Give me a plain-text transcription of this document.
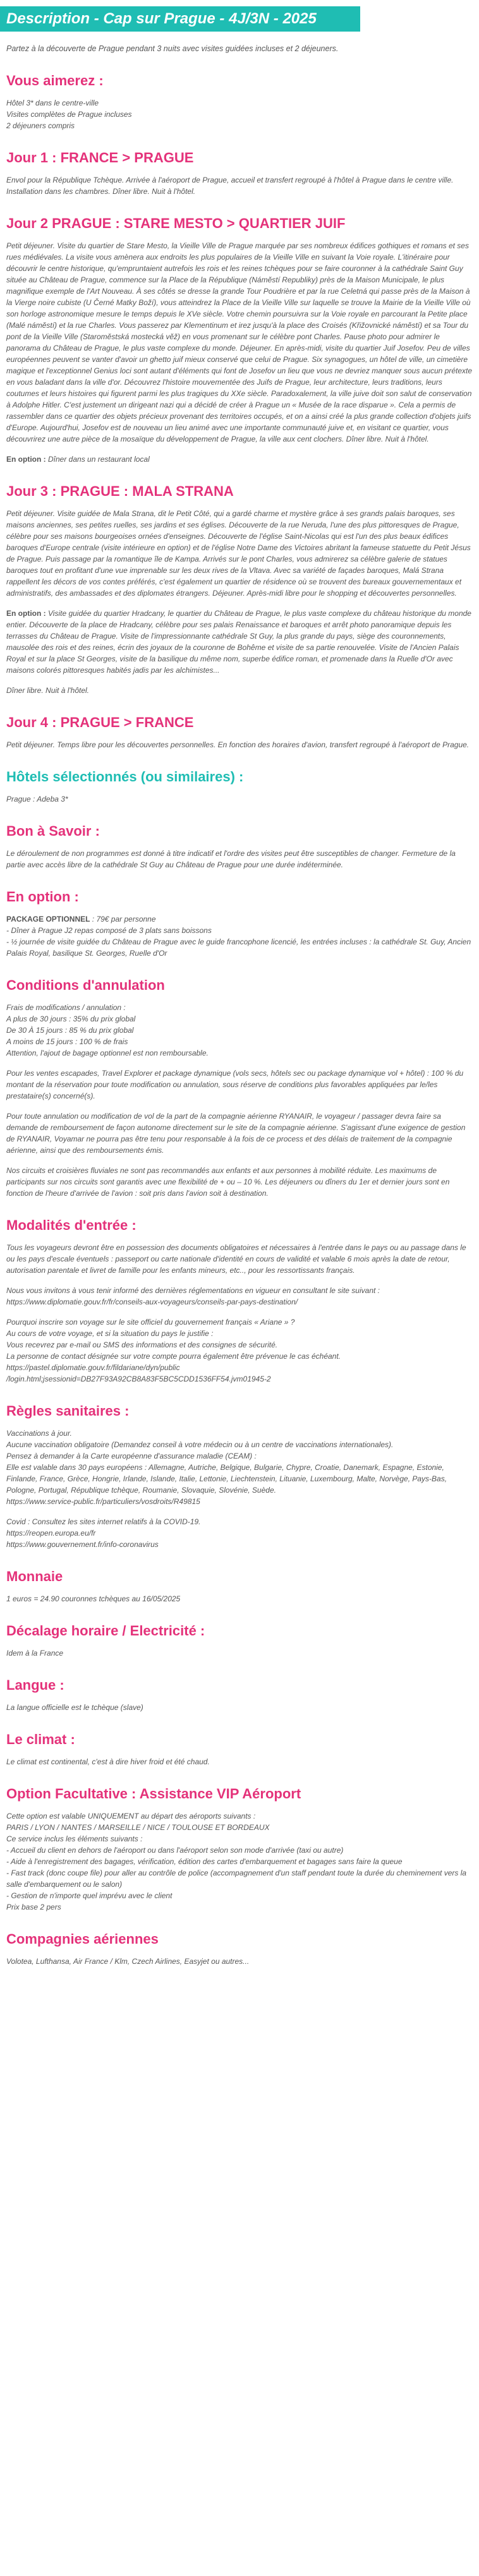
Description - Cap sur Prague - 4J/3N - 2025
Partez à la découverte de Prague pendant 3 nuits avec visites guidées incluses et 2 déjeuners.
Vous aimerez :
Hôtel 3* dans le centre-ville
Visites complètes de Prague incluses
2 déjeuners compris
Jour 1 : FRANCE > PRAGUE

Envol pour la République Tchèque. Arrivée à l'aéroport de Prague, accueil et transfert regroupé à l'hôtel à Prague dans le centre ville. Installation dans les chambres. Dîner libre. Nuit à l'hôtel.

Jour 2 PRAGUE : STARE MESTO > QUARTIER JUIF

Petit déjeuner. Visite du quartier de Stare Mesto, la Vieille Ville de Prague marquée par ses nombreux édifices gothiques et romans et ses rues médiévales. La visite vous amènera aux endroits les plus populaires de la Vieille Ville en suivant la Voie royale. L'itinéraire pour découvrir le centre historique, qu'empruntaient autrefois les rois et les reines tchèques pour se faire couronner à la cathédrale Saint Guy située au Château de Prague, commence sur la Place de la République (Náměstí Republiky) près de la Maison Municipale, le plus magnifique exemple de l'Art Nouveau. À ses côtés se dresse la grande Tour Poudrière et par la rue Celetná qui passe près de la Maison à la Vierge noire cubiste (U Černé Matky Boží), vous atteindrez la Place de la Vieille Ville sur laquelle se trouve la Mairie de la Vieille Ville où son horloge astronomique mesure le temps depuis le XVe siècle. Votre chemin poursuivra sur la Voie royale en parcourant la Petite place (Malé náměstí) et la rue Charles. Vous passerez par Klementinum et irez jusqu'à la place des Croisés (Křižovnické náměstí) et sa Tour du pont de la Vieille Ville (Staroměstská mostecká věž) en vous promenant sur le célèbre pont Charles. Pause photo pour admirer le panorama du Château de Prague, le plus vaste complexe du monde. Déjeuner. En après-midi, visite du quartier Juif Josefov. Peu de villes européennes peuvent se vanter d'avoir un ghetto juif mieux conservé que celui de Prague. Six synagogues, un hôtel de ville, un cimetière magique et l'exceptionnel Genius loci sont autant d'éléments qui font de Josefov un lieu que vous ne devriez manquer sous aucun prétexte en vous baladant dans la ville d'or. Découvrez l'histoire mouvementée des Juifs de Prague, leur architecture, leurs traditions, leurs coutumes et leurs histoires qui figurent parmi les plus tragiques du XXe siècle. Paradoxalement, la ville juive doit son salut de conservation à Adolphe Hitler. C'est justement un dirigeant nazi qui a décidé de créer à Prague un « Musée de la race disparue ». Cela a permis de rassembler dans ce quartier des objets précieux provenant des territoires occupés, et on a ainsi créé la plus grande collection d'objets juifs d'Europe. Aujourd'hui, Josefov est de nouveau un lieu animé avec une importante communauté juive et, en visitant ce quartier, vous découvrirez une autre pièce de la mosaïque du développement de Prague, la ville aux cent clochers. Dîner libre. Nuit à l'hôtel.

En option : Dîner dans un restaurant local

Jour 3 : PRAGUE : MALA STRANA

Petit déjeuner. Visite guidée de Mala Strana, dit le Petit Côté, qui a gardé charme et mystère grâce à ses grands palais baroques, ses maisons anciennes, ses petites ruelles, ses jardins et ses églises. Découverte de la rue Neruda, l'une des plus pittoresques de Prague, célèbre pour ses maisons bourgeoises ornées d'enseignes. Découverte de l'église Saint-Nicolas qui est l'un des plus beaux édifices baroques d'Europe centrale (visite intérieure en option) et de l'église Notre Dame des Victoires abritant la fameuse statuette du Petit Jésus de Prague. Puis passage par la romantique île de Kampa. Arrivés sur le pont Charles, vous admirerez sa célèbre galerie de statues baroques tout en profitant d'une vue imprenable sur les deux rives de la Vltava. Avec sa variété de façades baroques, Malá Strana rappellent les décors de vos contes préférés, c'est également un quartier de résidence où se trouvent des bureaux gouvernementaux et administratifs, des ambassades et des diplomates étrangers. Déjeuner. Après-midi libre pour le shopping et découvertes personnelles.

En option : Visite guidée du quartier Hradcany, le quartier du Château de Prague, le plus vaste complexe du château historique du monde entier. Découverte de la place de Hradcany, célèbre pour ses palais Renaissance et baroques et arrêt photo panoramique depuis les terrasses du Château de Prague. Visite de l'impressionnante cathédrale St Guy, la plus grande du pays, siège des couronnements, mausolée des rois et des reines, écrin des joyaux de la couronne de Bohême et visite de sa partie renouvelée. Visite de l'Ancien Palais Royal et sur la place St Georges, visite de la basilique du même nom, superbe édifice roman, et promenade dans la Ruelle d'Or avec maisons colorés pittoresques habités jadis par les alchimistes...

Dîner libre. Nuit à l'hôtel.

Jour 4 : PRAGUE > FRANCE

Petit déjeuner. Temps libre pour les découvertes personnelles. En fonction des horaires d'avion, transfert regroupé à l'aéroport de Prague.

Hôtels sélectionnés (ou similaires) :

Prague : Adeba 3*

Bon à Savoir :

Le déroulement de non programmes est donné à titre indicatif et l'ordre des visites peut être susceptibles de changer. Fermeture de la partie avec accès libre de la cathédrale St Guy au Château de Prague pour une durée indéterminée.

En option :
PACKAGE OPTIONNEL : 79€ par personne
- Dîner à Prague J2 repas composé de 3 plats sans boissons
- ½ journée de visite guidée du Château de Prague avec le guide francophone licencié, les entrées incluses : la cathédrale St. Guy, Ancien Palais Royal, basilique St. Georges, Ruelle d'Or
Conditions d'annulation
Frais de modifications / annulation :
A plus de 30 jours : 35% du prix global
De 30 À 15 jours : 85 % du prix global
A moins de 15 jours : 100 % de frais
Attention, l'ajout de bagage optionnel est non remboursable.

Pour les ventes escapades, Travel Explorer et package dynamique (vols secs, hôtels sec ou package dynamique vol + hôtel) : 100 % du montant de la réservation pour toute modification ou annulation, sous réserve de conditions plus favorables appliquées par le/les prestataire(s) concerné(s).

Pour toute annulation ou modification de vol de la part de la compagnie aérienne RYANAIR, le voyageur / passager devra faire sa demande de remboursement de façon autonome directement sur le site de la compagnie aérienne. S'agissant d'une exigence de gestion de RYANAIR, Voyamar ne pourra pas être tenu pour responsable à la fois de ce process et des délais de traitement de la compagnie aérienne, ainsi que des remboursements émis.

Nos circuits et croisières fluviales ne sont pas recommandés aux enfants et aux personnes à mobilité réduite. Les maximums de participants sur nos circuits sont garantis avec une flexibilité de + ou – 10 %. Les déjeuners ou dîners du 1er et dernier jours sont en fonction de l'heure d'arrivée de l'avion : soit pris dans l'avion soit à destination.

Modalités d'entrée :

Tous les voyageurs devront être en possession des documents obligatoires et nécessaires à l'entrée dans le pays ou au passage dans le ou les pays d'escale éventuels : passeport ou carte nationale d'identité en cours de validité et valable 6 mois après la date de retour, autorisation parentale et livret de famille pour les enfants mineurs, etc.., pour les ressortissants français.

Nous vous invitons à vous tenir informé des dernières réglementations en vigueur en consultant le site suivant : https://www.diplomatie.gouv.fr/fr/conseils-aux-voyageurs/conseils-par-pays-destination/

Pourquoi inscrire son voyage sur le site officiel du gouvernement français « Ariane » ?
Au cours de votre voyage, et si la situation du pays le justifie :
Vous recevrez par e-mail ou SMS des informations et des consignes de sécurité.
La personne de contact désignée sur votre compte pourra également être prévenue le cas échéant.
https://pastel.diplomatie.gouv.fr/fildariane/dyn/public
/login.html;jsessionid=DB27F93A92CB8A83F5BC5CDD1536FF54.jvm01945-2
Règles sanitaires :
Vaccinations à jour.
Aucune vaccination obligatoire (Demandez conseil à votre médecin ou à un centre de vaccinations internationales).
Pensez à demander à la Carte européenne d'assurance maladie (CEAM) :
Elle est valable dans 30 pays européens : Allemagne, Autriche, Belgique, Bulgarie, Chypre, Croatie, Danemark, Espagne, Estonie, Finlande, France, Grèce, Hongrie, Irlande, Islande, Italie, Lettonie, Liechtenstein, Lituanie, Luxembourg, Malte, Norvège, Pays-Bas, Pologne, Portugal, République tchèque, Roumanie, Slovaquie, Slovénie, Suède.
https://www.service-public.fr/particuliers/vosdroits/R49815
Covid : Consultez les sites internet relatifs à la COVID-19.
https://reopen.europa.eu/fr
https://www.gouvernement.fr/info-coronavirus
Monnaie

1 euros = 24.90 couronnes tchèques au 16/05/2025

Décalage horaire / Electricité :

Idem à la France

Langue :

La langue officielle est le tchèque (slave)

Le climat :

Le climat est continental, c'est à dire hiver froid et été chaud.

Option Facultative : Assistance VIP Aéroport
Cette option est valable UNIQUEMENT au départ des aéroports suivants :
PARIS / LYON / NANTES / MARSEILLE / NICE / TOULOUSE ET BORDEAUX
Ce service inclus les éléments suivants :
- Accueil du client en dehors de l'aéroport ou dans l'aéroport selon son mode d'arrivée (taxi ou autre)
- Aide à l'enregistrement des bagages, vérification, édition des cartes d'embarquement et bagages sans faire la queue
- Fast track (donc coupe file) pour aller au contrôle de police (accompagnement d'un staff pendant toute la durée du cheminement vers la salle d'embarquement ou le salon)
- Gestion de n'importe quel imprévu avec le client
Prix base 2 pers
Compagnies aériennes

Volotea, Lufthansa, Air France / Klm, Czech Airlines, Easyjet ou autres...
